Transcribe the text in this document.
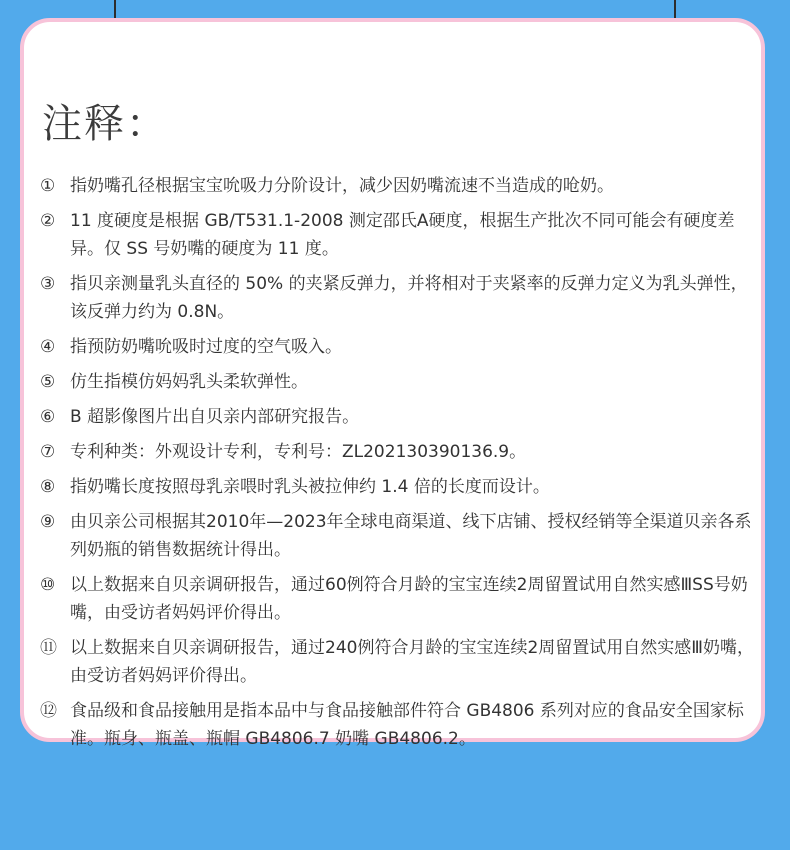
注释：
① 指奶嘴孔径根据宝宝吮吸力分阶设计，减少因奶嘴流速不当造成的呛奶。
② 11 度硬度是根据 GB/T531.1-2008 测定邵氏A硬度，根据生产批次不同可能会有硬度差异。仅 SS 号奶嘴的硬度为 11 度。
③ 指贝亲测量乳头直径的 50% 的夹紧反弹力，并将相对于夹紧率的反弹力定义为乳头弹性，该反弹力约为 0.8N。
④ 指预防奶嘴吮吸时过度的空气吸入。
⑤ 仿生指模仿妈妈乳头柔软弹性。
⑥ B 超影像图片出自贝亲内部研究报告。
⑦ 专利种类：外观设计专利，专利号：ZL202130390136.9。
⑧ 指奶嘴长度按照母乳亲喂时乳头被拉伸约 1.4 倍的长度而设计。
⑨ 由贝亲公司根据其2010年—2023年全球电商渠道、线下店铺、授权经销等全渠道贝亲各系列奶瓶的销售数据统计得出。
⑩ 以上数据来自贝亲调研报告，通过60例符合月龄的宝宝连续2周留置试用自然实感ⅢSS号奶嘴，由受访者妈妈评价得出。
⑪ 以上数据来自贝亲调研报告，通过240例符合月龄的宝宝连续2周留置试用自然实感Ⅲ奶嘴，由受访者妈妈评价得出。
⑫ 食品级和食品接触用是指本品中与食品接触部件符合 GB4806 系列对应的食品安全国家标准。瓶身、瓶盖、瓶帽 GB4806.7 奶嘴 GB4806.2。
